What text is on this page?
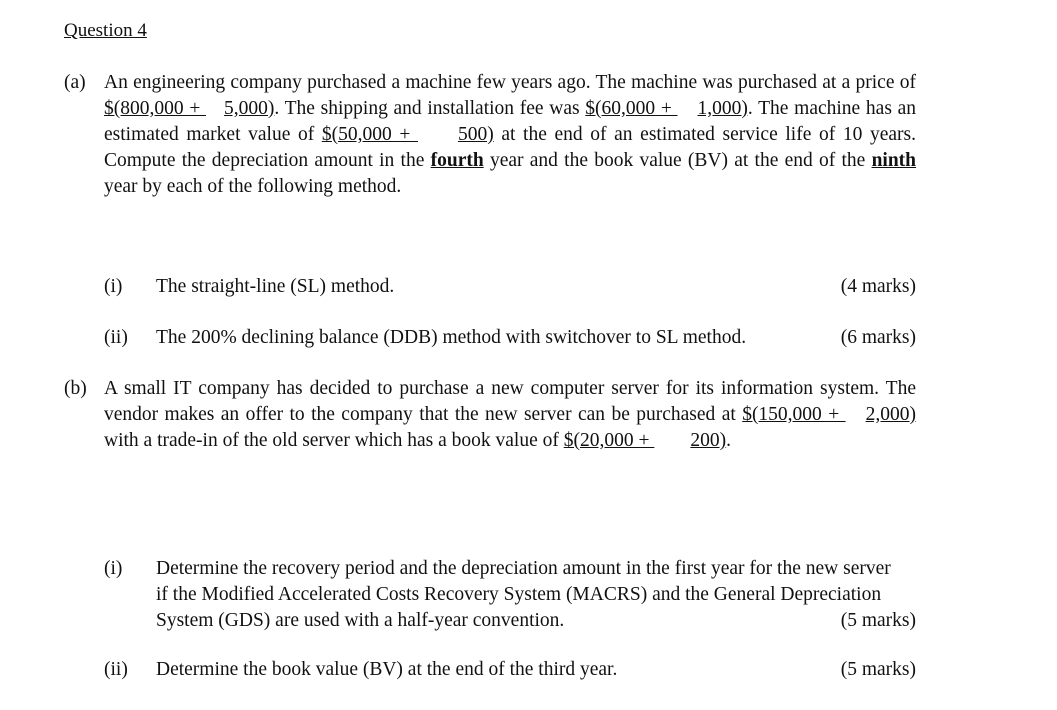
Question 4
(a) An engineering company purchased a machine few years ago. The machine was purchased at a price of $(800,000 + 5,000). The shipping and installation fee was $(60,000 + 1,000). The machine has an estimated market value of $(50,000 + 500) at the end of an estimated service life of 10 years. Compute the depreciation amount in the fourth year and the book value (BV) at the end of the ninth year by each of the following method.
(i) The straight-line (SL) method.	(4 marks)
(ii) The 200% declining balance (DDB) method with switchover to SL method.	(6 marks)
(b) A small IT company has decided to purchase a new computer server for its information system. The vendor makes an offer to the company that the new server can be purchased at $(150,000 + 2,000) with a trade-in of the old server which has a book value of $(20,000 + 200).
(i) Determine the recovery period and the depreciation amount in the first year for the new server if the Modified Accelerated Costs Recovery System (MACRS) and the General Depreciation System (GDS) are used with a half-year convention.	(5 marks)
(ii) Determine the book value (BV) at the end of the third year.	(5 marks)
